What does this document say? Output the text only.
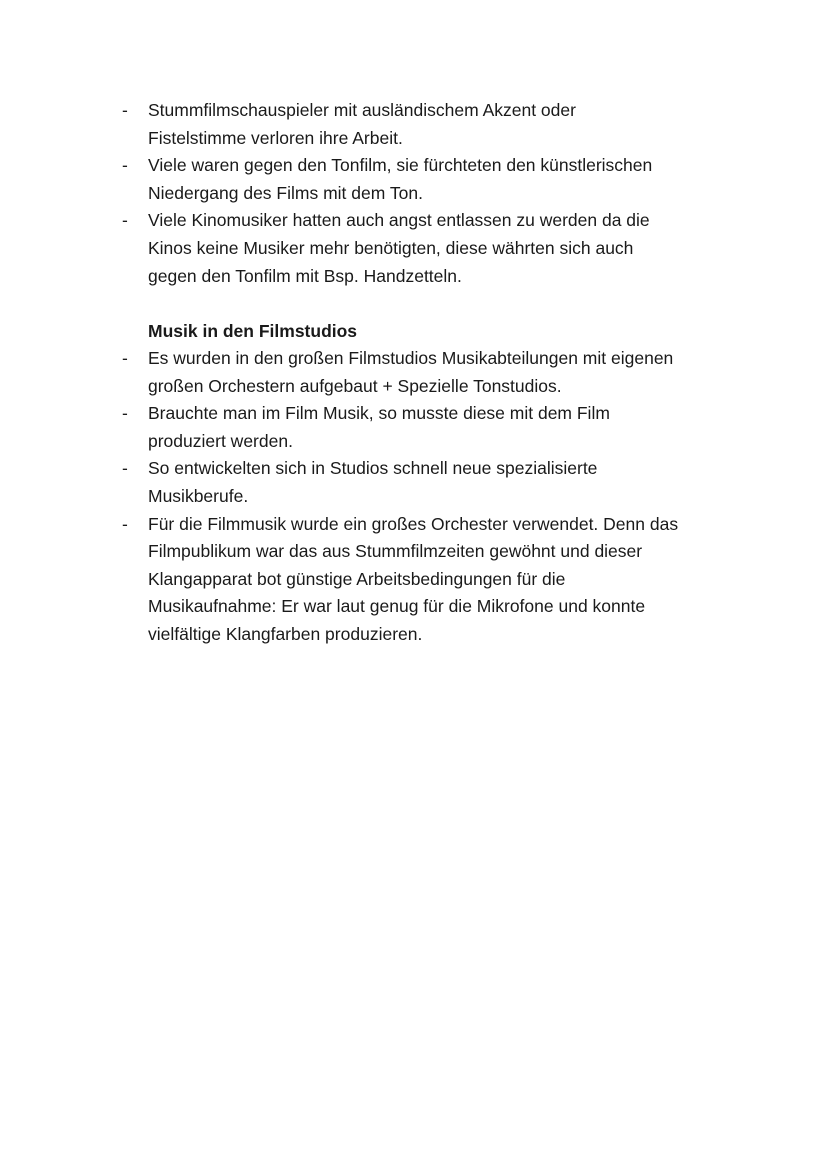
- Stummfilmschauspieler mit ausländischem Akzent oder
Fistelstimme verloren ihre Arbeit.
- Viele waren gegen den Tonfilm, sie fürchteten den künstlerischen
Niedergang des Films mit dem Ton.
- Viele Kinomusiker hatten auch angst entlassen zu werden da die
Kinos keine Musiker mehr benötigten, diese währten sich auch
gegen den Tonfilm mit Bsp. Handzetteln.
Musik in den Filmstudios
- Es wurden in den großen Filmstudios Musikabteilungen mit eigenen
großen Orchestern aufgebaut + Spezielle Tonstudios.
- Brauchte man im Film Musik, so musste diese mit dem Film
produziert werden.
- So entwickelten sich in Studios schnell neue spezialisierte
Musikberufe.
- Für die Filmmusik wurde ein großes Orchester verwendet. Denn das
Filmpublikum war das aus Stummfilmzeiten gewöhnt und dieser
Klangapparat bot günstige Arbeitsbedingungen für die
Musikaufnahme: Er war laut genug für die Mikrofone und konnte
vielfältige Klangfarben produzieren.
